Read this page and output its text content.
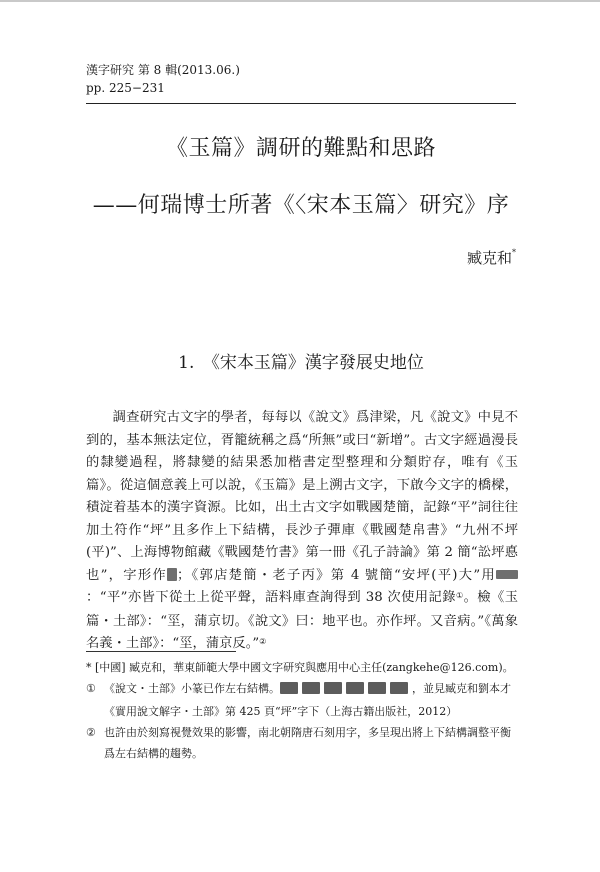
漢字研究 第 8 輯(2013.06.)
pp. 225−231
《玉篇》調研的難點和思路
——何瑞博士所著《〈宋本玉篇〉研究》序
臧克和*
1.　《宋本玉篇》漢字發展史地位

調查研究古文字的學者，每每以《說文》爲津梁，凡《說文》中見不到的，基本無法定位，胥籠統稱之爲“所無”或曰“新增”。古文字經過漫長的隸變過程，將隸變的結果悉加楷書定型整理和分類貯存，唯有《玉篇》。從這個意義上可以說，《玉篇》是上溯古文字，下啟今文字的橋樑，積淀着基本的漢字資源。比如，出土古文字如戰國楚簡，記錄“平”詞往往加土符作“坪”且多作上下結構，長沙子彈庫《戰國楚帛書》“九州不坪(平)”、上海博物館藏《戰國楚竹書》第一冊《孔子詩論》第 2 簡“訟坪悳也”，字形作 ；《郭店楚簡・老子丙》第 4 號簡“安坪(平)大”用：“平”亦皆下從土上從平聲，語料庫查詢得到 38 次使用記錄①。檢《玉篇・土部》：“坙，蒲京切。《說文》曰：地平也。亦作坪。又音病。”《萬象名義・土部》：“坙，蒲京反。”②

* [中國] 臧克和，華東師範大學中國文字研究與應用中心主任(zangkehe@126.com)。
① 《說文・土部》小篆已作左右結構。	，並見臧克和劉本才《實用說文解字・土部》第 425 頁“坪”字下（上海古籍出版社，2012）
② 也許由於刻寫視覺效果的影響，南北朝隋唐石刻用字，多呈現出將上下結構調整平衡爲左右結構的趨勢。
